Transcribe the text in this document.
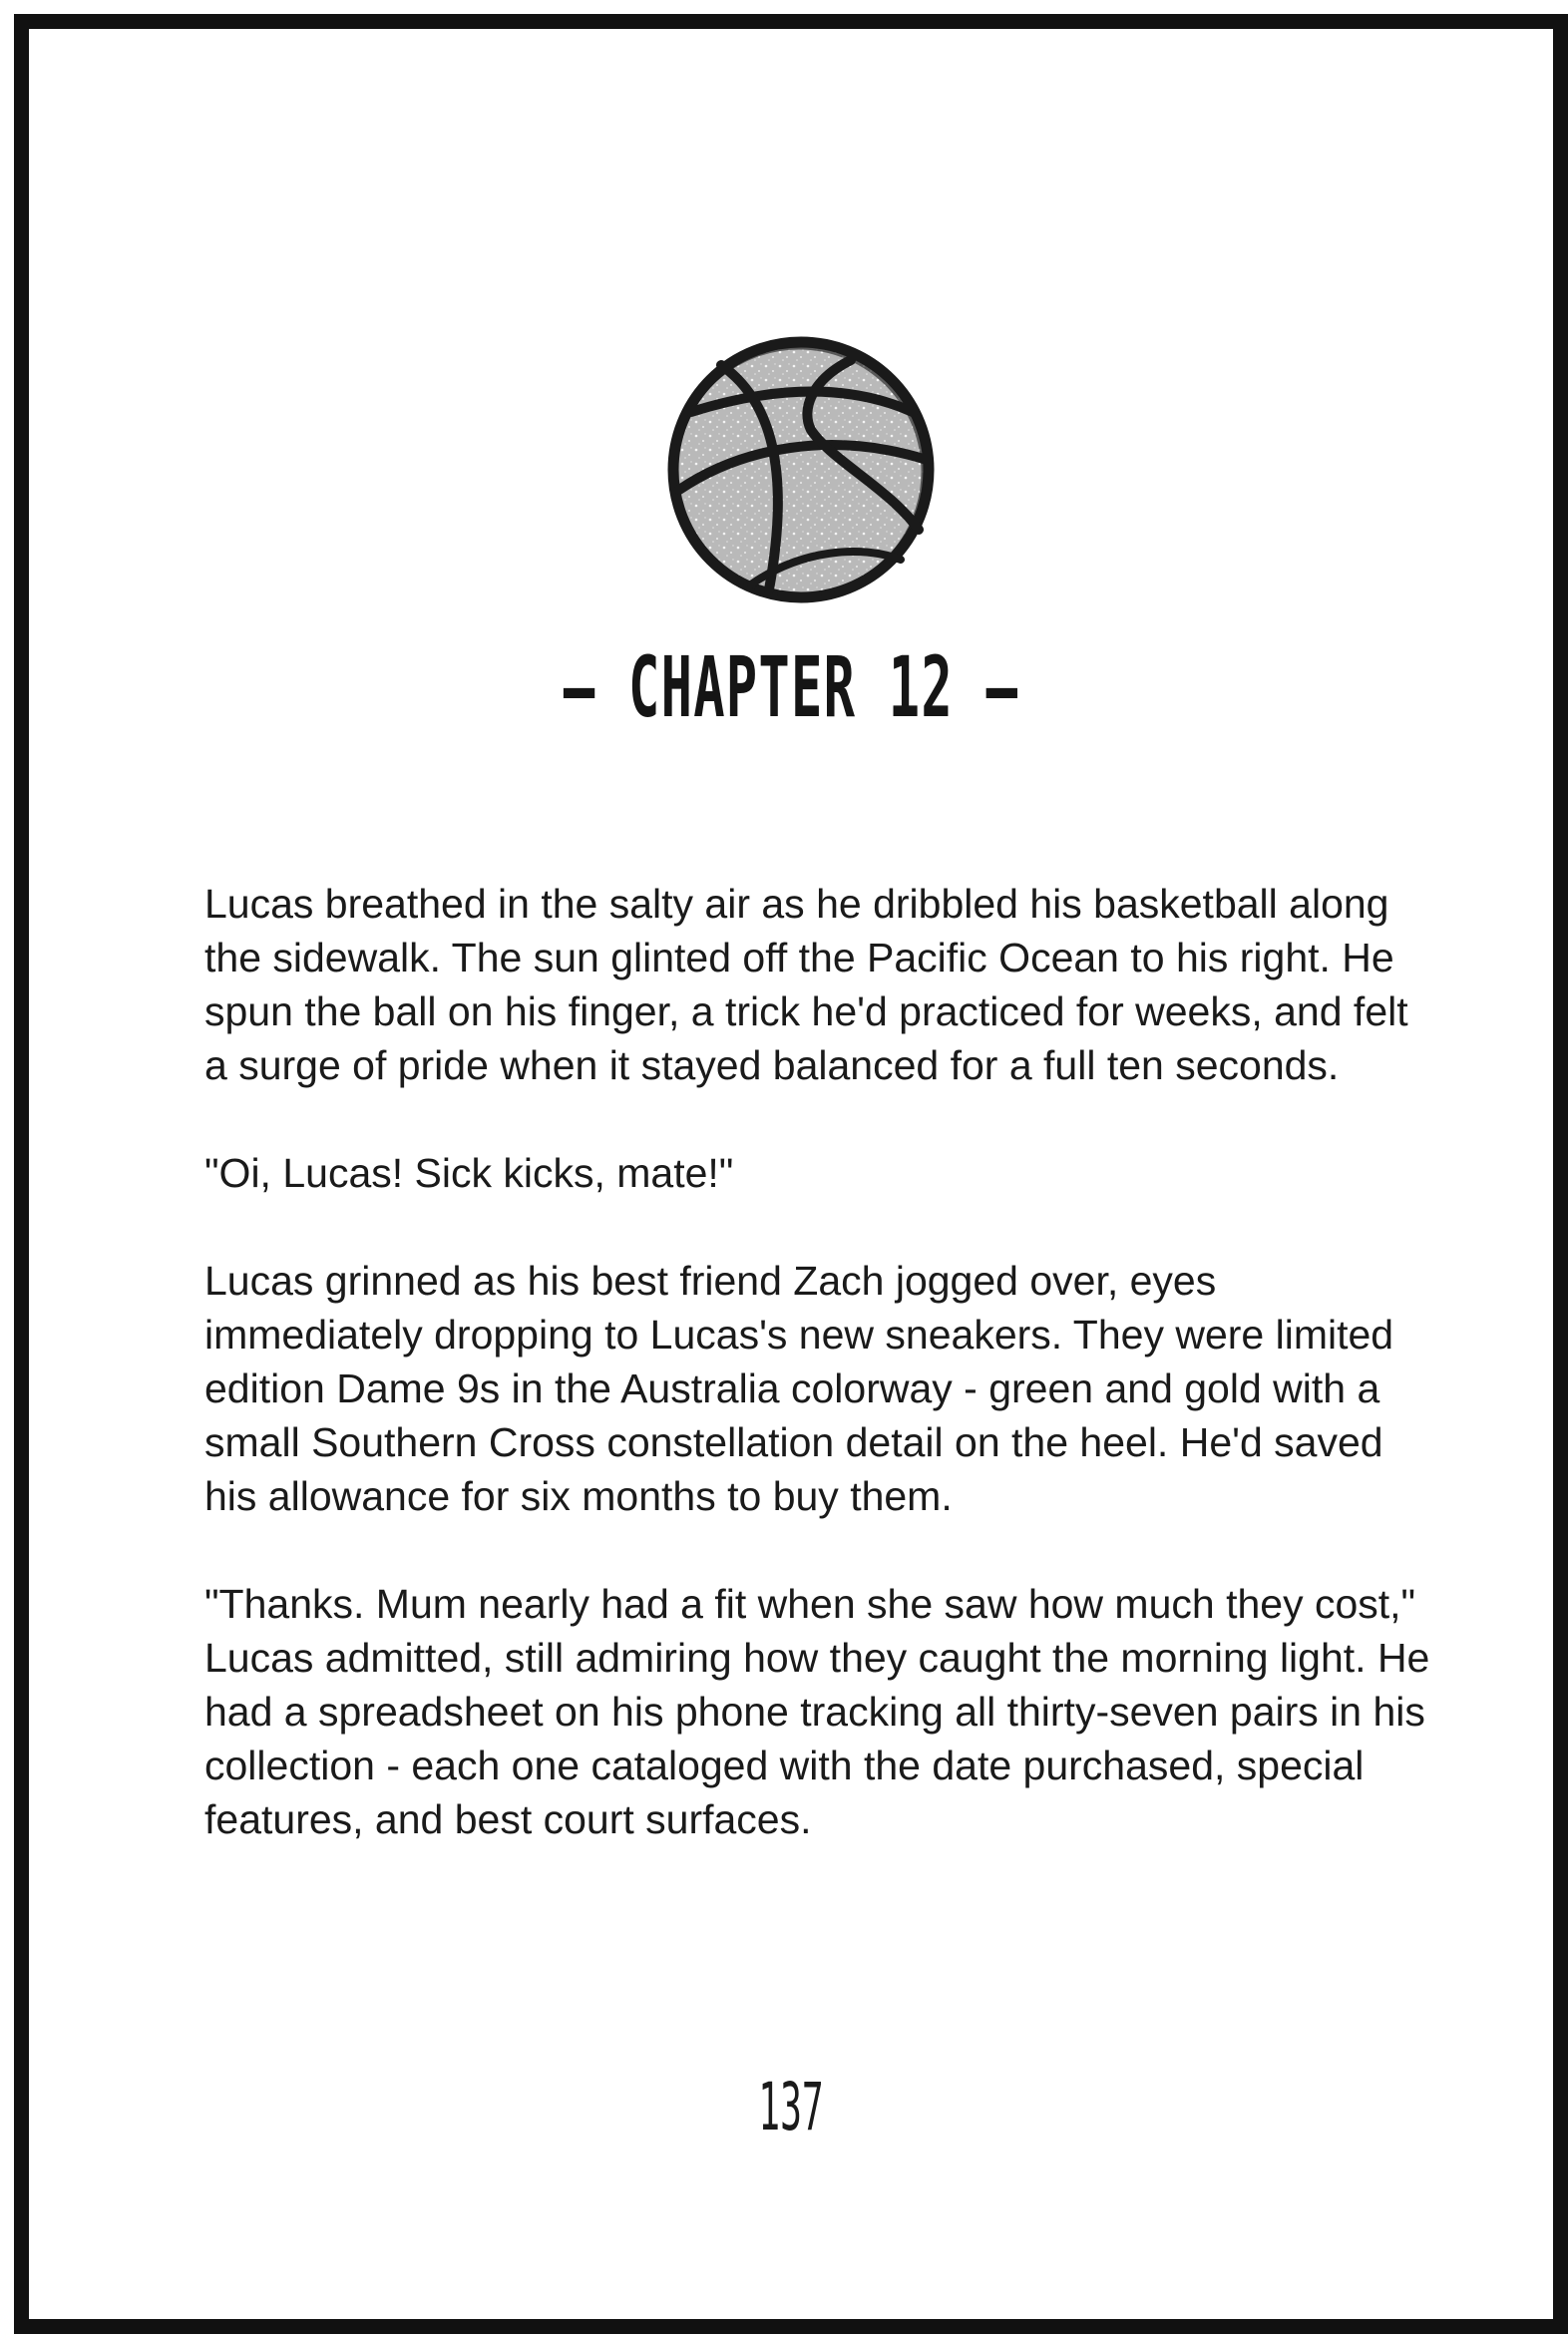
– CHAPTER 12 –

Lucas breathed in the salty air as he dribbled his basketball along the sidewalk. The sun glinted off the Pacific Ocean to his right. He spun the ball on his finger, a trick he'd practiced for weeks, and felt a surge of pride when it stayed balanced for a full ten seconds.

"Oi, Lucas! Sick kicks, mate!"

Lucas grinned as his best friend Zach jogged over, eyes immediately dropping to Lucas's new sneakers. They were limited edition Dame 9s in the Australia colorway - green and gold with a small Southern Cross constellation detail on the heel. He'd saved his allowance for six months to buy them.

"Thanks. Mum nearly had a fit when she saw how much they cost," Lucas admitted, still admiring how they caught the morning light. He had a spreadsheet on his phone tracking all thirty-seven pairs in his collection - each one cataloged with the date purchased, special features, and best court surfaces.

137
